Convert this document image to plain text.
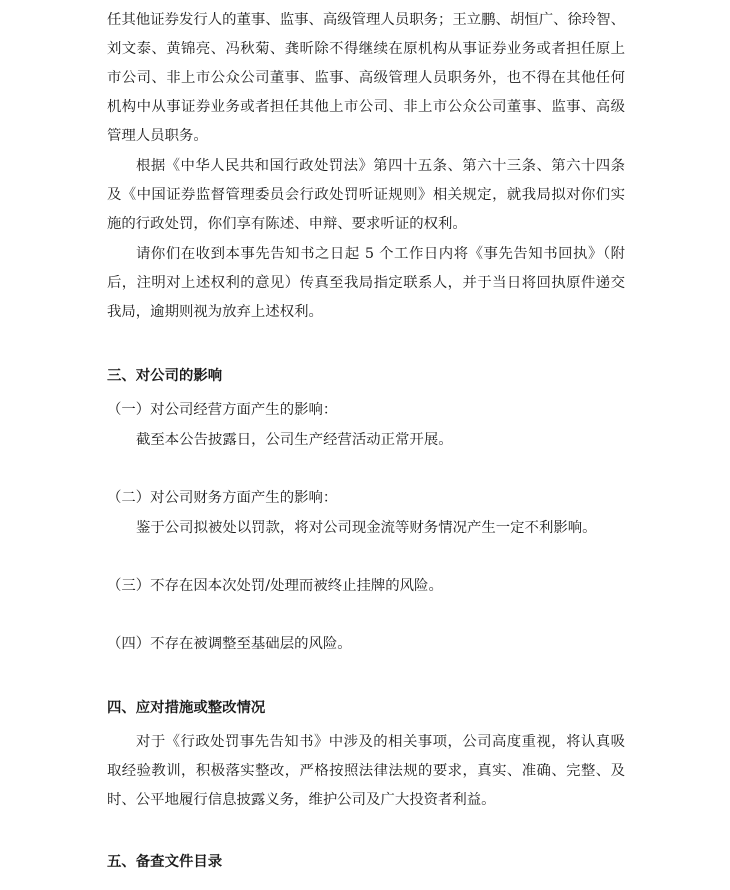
任其他证券发行人的董事、监事、高级管理人员职务；王立鹏、胡恒广、徐玲智、
刘文泰、黄锦亮、冯秋菊、龚昕除不得继续在原机构从事证券业务或者担任原上
市公司、非上市公众公司董事、监事、高级管理人员职务外，也不得在其他任何
机构中从事证券业务或者担任其他上市公司、非上市公众公司董事、监事、高级
管理人员职务。
根据《中华人民共和国行政处罚法》第四十五条、第六十三条、第六十四条
及《中国证券监督管理委员会行政处罚听证规则》相关规定，就我局拟对你们实
施的行政处罚，你们享有陈述、申辩、要求听证的权利。
请你们在收到本事先告知书之日起 5 个工作日内将《事先告知书回执》（附
后，注明对上述权利的意见）传真至我局指定联系人，并于当日将回执原件递交
我局，逾期则视为放弃上述权利。
三、对公司的影响
（一）对公司经营方面产生的影响：
截至本公告披露日，公司生产经营活动正常开展。
（二）对公司财务方面产生的影响：
鉴于公司拟被处以罚款，将对公司现金流等财务情况产生一定不利影响。
（三）不存在因本次处罚/处理而被终止挂牌的风险。
（四）不存在被调整至基础层的风险。
四、应对措施或整改情况
对于《行政处罚事先告知书》中涉及的相关事项，公司高度重视，将认真吸
取经验教训，积极落实整改，严格按照法律法规的要求，真实、准确、完整、及
时、公平地履行信息披露义务，维护公司及广大投资者利益。
五、备查文件目录
